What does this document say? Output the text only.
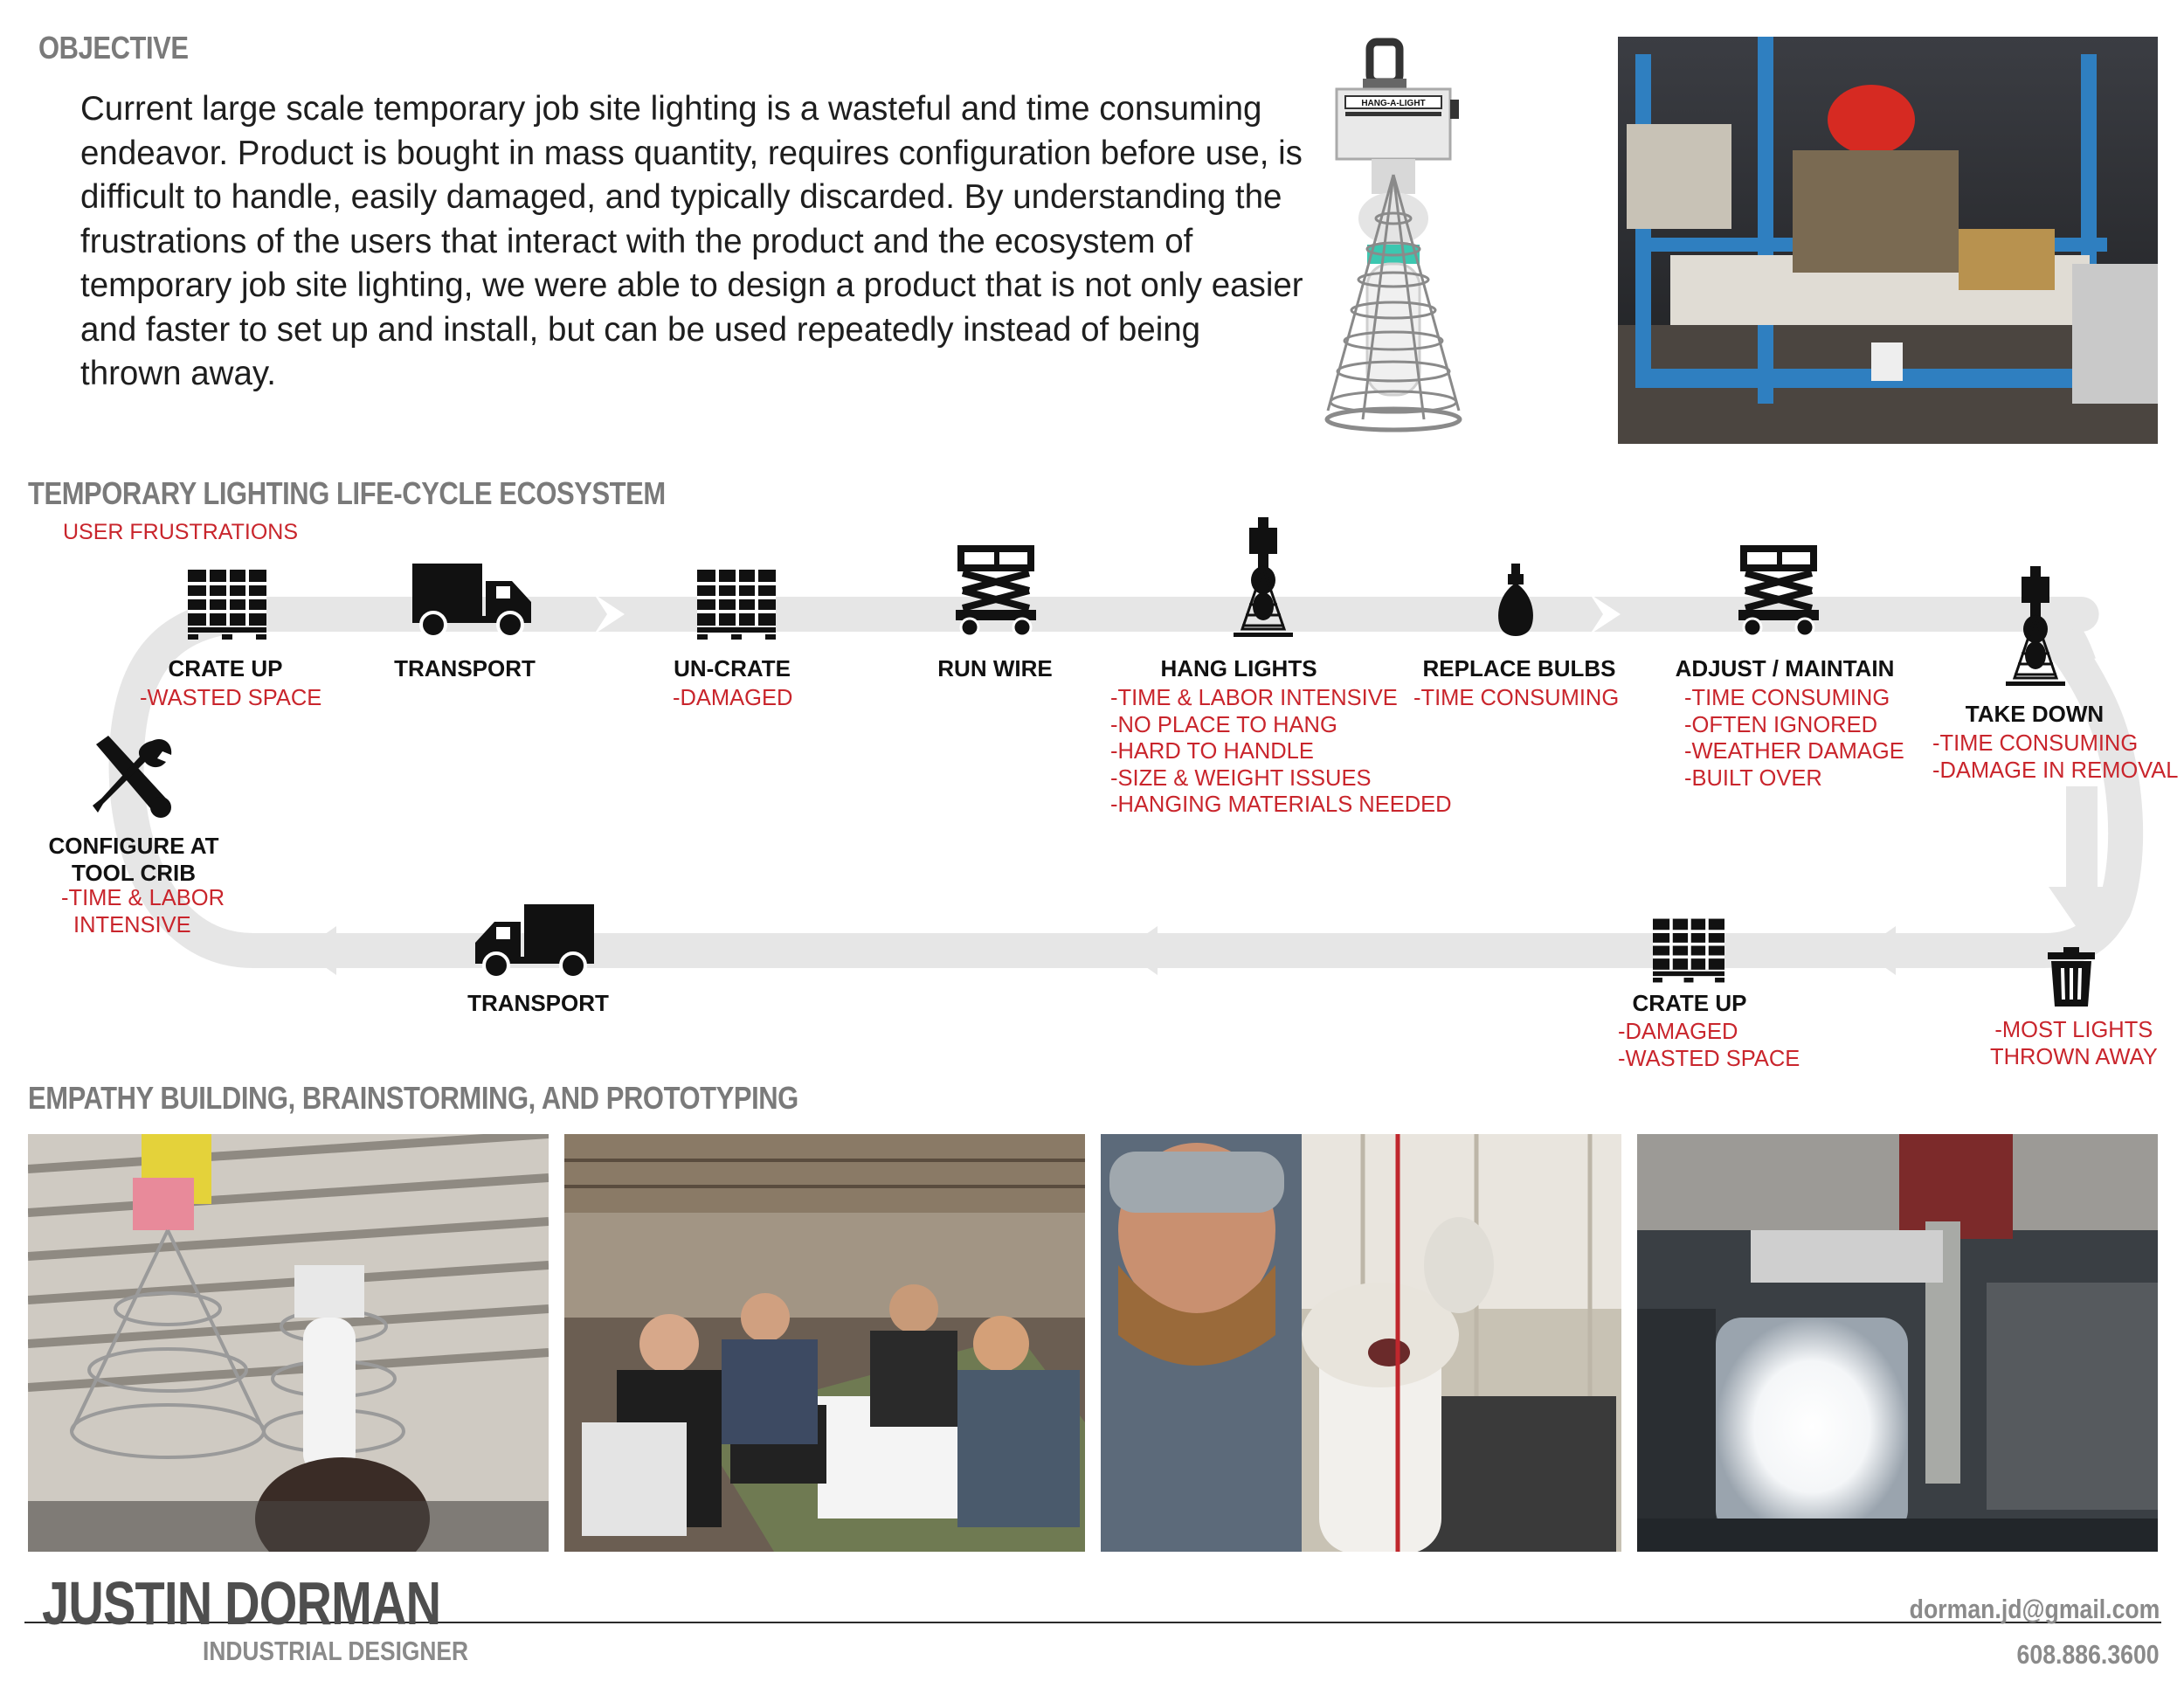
OBJECTIVE
Current large scale temporary job site lighting is a wasteful and time consuming endeavor. Product is bought in mass quantity, requires configuration before use, is difficult to handle, easily damaged, and typically discarded. By understanding the frustrations of the users that interact with the product and the ecosystem of temporary job site lighting, we were able to design a product that is not only easier and faster to set up and install, but can be used repeatedly instead of being thrown away.
HANG-A-LIGHT
TEMPORARY LIGHTING LIFE-CYCLE ECOSYSTEM
USER FRUSTRATIONS
CRATE UP	TRANSPORT	UN-CRATE	RUN WIRE	HANG LIGHTS	REPLACE BULBS	ADJUST / MAINTAIN
TAKE DOWN
CRATE UP
TRANSPORT
CONFIGURE AT
TOOL CRIB
-WASTED SPACE	-DAMAGED	-TIME & LABOR INTENSIVE
-NO PLACE TO HANG
-HARD TO HANDLE
-SIZE & WEIGHT ISSUES
-HANGING MATERIALS NEEDED
-TIME CONSUMING	-TIME CONSUMING
-OFTEN IGNORED
-WEATHER DAMAGE
-BUILT OVER
-TIME CONSUMING
-DAMAGE IN REMOVAL
-MOST LIGHTS
THROWN AWAY
-DAMAGED
-WASTED SPACE
-TIME & LABOR
INTENSIVE
EMPATHY BUILDING, BRAINSTORMING, AND PROTOTYPING
JUSTIN DORMAN
INDUSTRIAL DESIGNER
dorman.jd@gmail.com
608.886.3600
